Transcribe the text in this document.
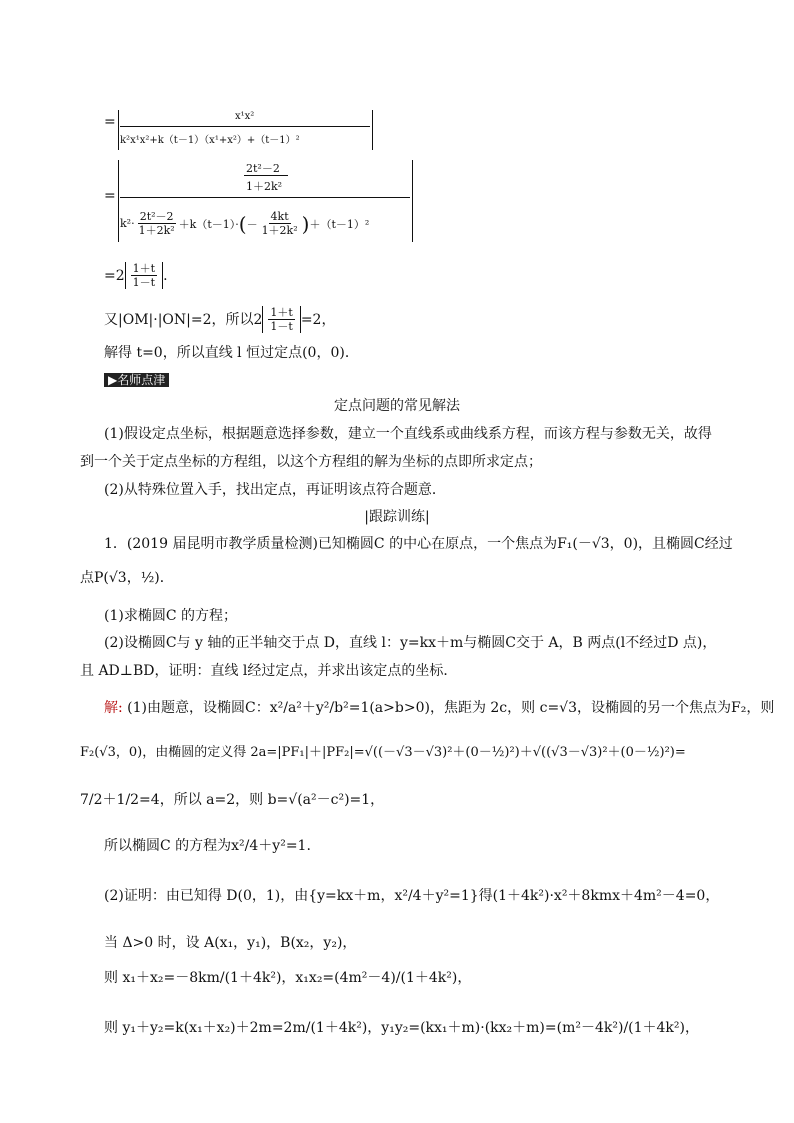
=	x¹x²
k²x¹x²+k（t－1）（x¹+x²）+（t－1）²
=
2t²－2
1＋2k²
$k^2\cdot \frac{\text{2t²－2}}{\text{1＋2k²}} +k(t-1)\cdot$ ( － $\frac{4kt}{\text{1＋2k²}}$ ) ＋（t－1）²
$=2 \frac{1+t}{1-t}$ .
又|OM|·|ON|=2，所以$2 \frac{1+t}{1-t} =2$，
解得 t=0，所以直线 l 恒过定点(0，0)．
▶名师点津
定点问题的常见解法
(1)假设定点坐标，根据题意选择参数，建立一个直线系或曲线系方程，而该方程与参数无关，故得
到一个关于定点坐标的方程组，以这个方程组的解为坐标的点即所求定点；
(2)从特殊位置入手，找出定点，再证明该点符合题意．
|跟踪训练|
1．(2019 届昆明市教学质量检测)已知椭圆C 的中心在原点，一个焦点为F₁(－√3，0)，且椭圆C经过
点P(√3，½)．
(1)求椭圆C 的方程；
(2)设椭圆C与 y 轴的正半轴交于点 D，直线 l：y=kx＋m与椭圆C交于 A，B 两点(l不经过D 点)，
且 AD⊥BD，证明：直线 l经过定点，并求出该定点的坐标．
解: (1)由题意，设椭圆C：x²/a²＋y²/b²=1(a>b>0)，焦距为 2c，则 c=√3，设椭圆的另一个焦点为F₂，则
F₂(√3，0)，由椭圆的定义得 2a=|PF₁|＋|PF₂|=√((－√3－√3)²＋(0－½)²)＋√((√3－√3)²＋(0－½)²)=
7/2＋1/2=4，所以 a=2，则 b=√(a²－c²)=1，
所以椭圆C 的方程为x²/4＋y²=1.
(2)证明：由已知得 D(0，1)，由{y=kx＋m，x²/4＋y²=1}得(1＋4k²)·x²＋8kmx＋4m²－4=0，
当 Δ>0 时，设 A(x₁，y₁)，B(x₂，y₂)，
则 x₁＋x₂=－8km/(1＋4k²)，x₁x₂=(4m²－4)/(1＋4k²)，
则 y₁＋y₂=k(x₁＋x₂)＋2m=2m/(1＋4k²)，y₁y₂=(kx₁＋m)·(kx₂＋m)=(m²－4k²)/(1＋4k²)，
